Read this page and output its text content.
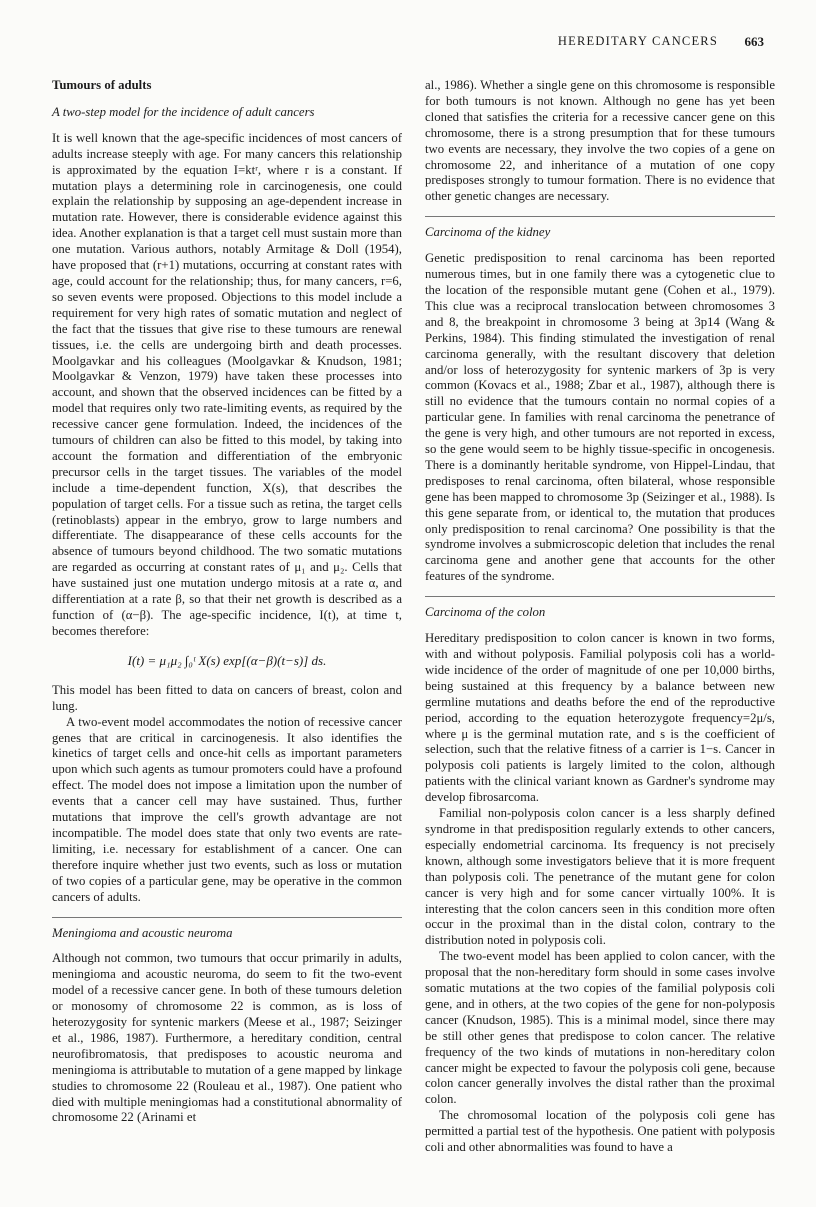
HEREDITARY CANCERS 663
Tumours of adults
A two-step model for the incidence of adult cancers

It is well known that the age-specific incidences of most cancers of adults increase steeply with age. For many cancers this relationship is approximated by the equation I=ktʳ, where r is a constant. If mutation plays a determining role in carcinogenesis, one could explain the relationship by supposing an age-dependent increase in mutation rate. However, there is considerable evidence against this idea. Another explanation is that a target cell must sustain more than one mutation. Various authors, notably Armitage & Doll (1954), have proposed that (r+1) mutations, occurring at constant rates with age, could account for the relationship; thus, for many cancers, r=6, so seven events were proposed. Objections to this model include a requirement for very high rates of somatic mutation and neglect of the fact that the tissues that give rise to these tumours are renewal tissues, i.e. the cells are undergoing birth and death processes. Moolgavkar and his colleagues (Moolgavkar & Knudson, 1981; Moolgavkar & Venzon, 1979) have taken these processes into account, and shown that the observed incidences can be fitted by a model that requires only two rate-limiting events, as required by the recessive cancer gene formulation. Indeed, the incidences of the tumours of children can also be fitted to this model, by taking into account the formation and differentiation of the embryonic precursor cells in the target tissues. The variables of the model include a time-dependent function, X(s), that describes the population of target cells. For a tissue such as retina, the target cells (retinoblasts) appear in the embryo, grow to large numbers and differentiate. The disappearance of these cells accounts for the absence of tumours beyond childhood. The two somatic mutations are regarded as occurring at constant rates of μ₁ and μ₂. Cells that have sustained just one mutation undergo mitosis at a rate α, and differentiation at a rate β, so that their net growth is described as a function of (α−β). The age-specific incidence, I(t), at time t, becomes therefore:

I(t) = μ₁μ₂ ∫₀ᵗ X(s) exp[(α−β)(t−s)] ds.

This model has been fitted to data on cancers of breast, colon and lung.

A two-event model accommodates the notion of recessive cancer genes that are critical in carcinogenesis. It also identifies the kinetics of target cells and once-hit cells as important parameters upon which such agents as tumour promoters could have a profound effect. The model does not impose a limitation upon the number of events that a cancer cell may have sustained. Thus, further mutations that improve the cell's growth advantage are not incompatible. The model does state that only two events are rate-limiting, i.e. necessary for establishment of a cancer. One can therefore inquire whether just two events, such as loss or mutation of two copies of a particular gene, may be operative in the common cancers of adults.

Meningioma and acoustic neuroma

Although not common, two tumours that occur primarily in adults, meningioma and acoustic neuroma, do seem to fit the two-event model of a recessive cancer gene. In both of these tumours deletion or monosomy of chromosome 22 is common, as is loss of heterozygosity for syntenic markers (Meese et al., 1987; Seizinger et al., 1986, 1987). Furthermore, a hereditary condition, central neurofibromatosis, that predisposes to acoustic neuroma and meningioma is attributable to mutation of a gene mapped by linkage studies to chromosome 22 (Rouleau et al., 1987). One patient who died with multiple meningiomas had a constitutional abnormality of chromosome 22 (Arinami et

al., 1986). Whether a single gene on this chromosome is responsible for both tumours is not known. Although no gene has yet been cloned that satisfies the criteria for a recessive cancer gene on this chromosome, there is a strong presumption that for these tumours two events are necessary, they involve the two copies of a gene on chromosome 22, and inheritance of a mutation of one copy predisposes strongly to tumour formation. There is no evidence that other genetic changes are necessary.

Carcinoma of the kidney

Genetic predisposition to renal carcinoma has been reported numerous times, but in one family there was a cytogenetic clue to the location of the responsible mutant gene (Cohen et al., 1979). This clue was a reciprocal translocation between chromosomes 3 and 8, the breakpoint in chromosome 3 being at 3p14 (Wang & Perkins, 1984). This finding stimulated the investigation of renal carcinoma generally, with the resultant discovery that deletion and/or loss of heterozygosity for syntenic markers of 3p is very common (Kovacs et al., 1988; Zbar et al., 1987), although there is still no evidence that the tumours contain no normal copies of a particular gene. In families with renal carcinoma the penetrance of the gene is very high, and other tumours are not reported in excess, so the gene would seem to be highly tissue-specific in oncogenesis. There is a dominantly heritable syndrome, von Hippel-Lindau, that predisposes to renal carcinoma, often bilateral, whose responsible gene has been mapped to chromosome 3p (Seizinger et al., 1988). Is this gene separate from, or identical to, the mutation that produces only predisposition to renal carcinoma? One possibility is that the syndrome involves a submicroscopic deletion that includes the renal carcinoma gene and another gene that accounts for the other features of the syndrome.

Carcinoma of the colon

Hereditary predisposition to colon cancer is known in two forms, with and without polyposis. Familial polyposis coli has a world-wide incidence of the order of magnitude of one per 10,000 births, being sustained at this frequency by a balance between new germline mutations and deaths before the end of the reproductive period, according to the equation heterozygote frequency=2μ/s, where μ is the germinal mutation rate, and s is the coefficient of selection, such that the relative fitness of a carrier is 1−s. Cancer in polyposis coli patients is largely limited to the colon, although patients with the clinical variant known as Gardner's syndrome may develop fibrosarcoma.

Familial non-polyposis colon cancer is a less sharply defined syndrome in that predisposition regularly extends to other cancers, especially endometrial carcinoma. Its frequency is not precisely known, although some investigators believe that it is more frequent than polyposis coli. The penetrance of the mutant gene for colon cancer is very high and for some cancer virtually 100%. It is interesting that the colon cancers seen in this condition more often occur in the proximal than in the distal colon, contrary to the distribution noted in polyposis coli.

The two-event model has been applied to colon cancer, with the proposal that the non-hereditary form should in some cases involve somatic mutations at the two copies of the familial polyposis coli gene, and in others, at the two copies of the gene for non-polyposis cancer (Knudson, 1985). This is a minimal model, since there may be still other genes that predispose to colon cancer. The relative frequency of the two kinds of mutations in non-hereditary colon cancer might be expected to favour the polyposis coli gene, because colon cancer generally involves the distal rather than the proximal colon.

The chromosomal location of the polyposis coli gene has permitted a partial test of the hypothesis. One patient with polyposis coli and other abnormalities was found to have a
